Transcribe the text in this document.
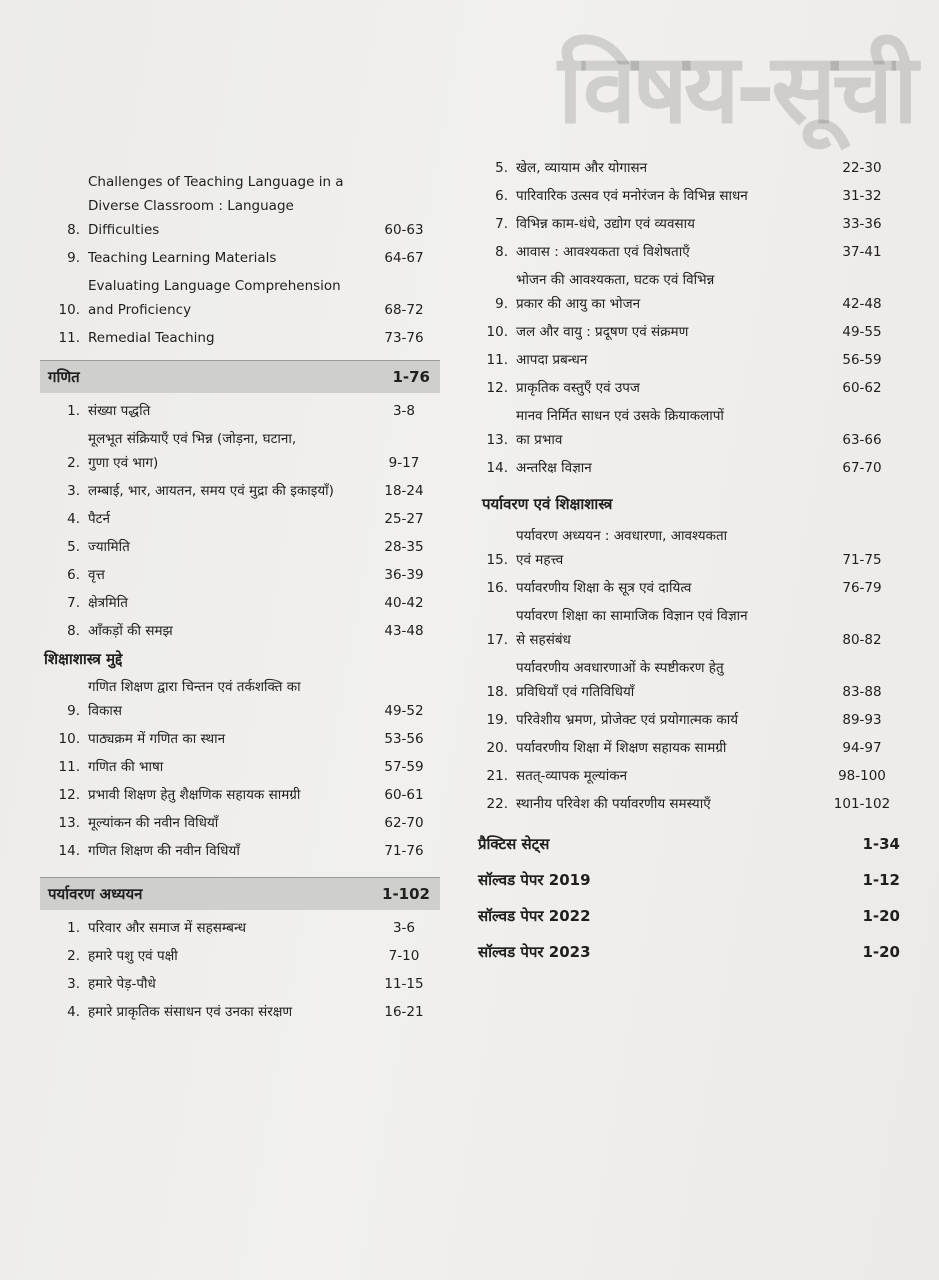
विषय-सूची
8.
Challenges of Teaching Language in a
Diverse Classroom : Language Difficulties	60-63
9. Teaching Learning Materials	64-67
10.
Evaluating Language Comprehension
and Proficiency	68-72
11. Remedial Teaching	73-76
गणित	1-76
1. संख्या पद्धति	3-8
2.
मूलभूत संक्रियाएँ एवं भिन्न (जोड़ना, घटाना,
गुणा एवं भाग)	9-17
3. लम्बाई, भार, आयतन, समय एवं मुद्रा की इकाइयाँ)	18-24
4. पैटर्न	25-27
5. ज्यामिति	28-35
6. वृत्त	36-39
7. क्षेत्रमिति	40-42
8. आँकड़ों की समझ	43-48
शिक्षाशास्त्र मुद्दे
9.
गणित शिक्षण द्वारा चिन्तन एवं तर्कशक्ति का
विकास	49-52
10. पाठ्यक्रम में गणित का स्थान	53-56
11. गणित की भाषा	57-59
12. प्रभावी शिक्षण हेतु शैक्षणिक सहायक सामग्री	60-61
13. मूल्यांकन की नवीन विधियाँ	62-70
14. गणित शिक्षण की नवीन विधियाँ	71-76
पर्यावरण अध्ययन	1-102
1. परिवार और समाज में सहसम्बन्ध	3-6
2. हमारे पशु एवं पक्षी	7-10
3. हमारे पेड़-पौधे	11-15
4. हमारे प्राकृतिक संसाधन एवं उनका संरक्षण	16-21
5. खेल, व्यायाम और योगासन	22-30
6. पारिवारिक उत्सव एवं मनोरंजन के विभिन्न साधन	31-32
7. विभिन्न काम-धंधे, उद्योग एवं व्यवसाय	33-36
8. आवास : आवश्यकता एवं विशेषताएँ	37-41
9.
भोजन की आवश्यकता, घटक एवं विभिन्न
प्रकार की आयु का भोजन	42-48
10. जल और वायु : प्रदूषण एवं संक्रमण	49-55
11. आपदा प्रबन्धन	56-59
12. प्राकृतिक वस्तुएँ एवं उपज	60-62
13.
मानव निर्मित साधन एवं उसके क्रियाकलापों
का प्रभाव	63-66
14. अन्तरिक्ष विज्ञान	67-70
पर्यावरण एवं शिक्षाशास्त्र
15.
पर्यावरण अध्ययन : अवधारणा, आवश्यकता
एवं महत्त्व	71-75
16. पर्यावरणीय शिक्षा के सूत्र एवं दायित्व	76-79
17.
पर्यावरण शिक्षा का सामाजिक विज्ञान एवं विज्ञान
से सहसंबंध	80-82
18.
पर्यावरणीय अवधारणाओं के स्पष्टीकरण हेतु
प्रविधियाँ एवं गतिविधियाँ	83-88
19. परिवेशीय भ्रमण, प्रोजेक्ट एवं प्रयोगात्मक कार्य	89-93
20. पर्यावरणीय शिक्षा में शिक्षण सहायक सामग्री	94-97
21. सतत्-व्यापक मूल्यांकन	98-100
22. स्थानीय परिवेश की पर्यावरणीय समस्याएँ	101-102
प्रैक्टिस सेट्स	1-34
सॉल्वड पेपर 2019	1-12
सॉल्वड पेपर 2022	1-20
सॉल्वड पेपर 2023	1-20
